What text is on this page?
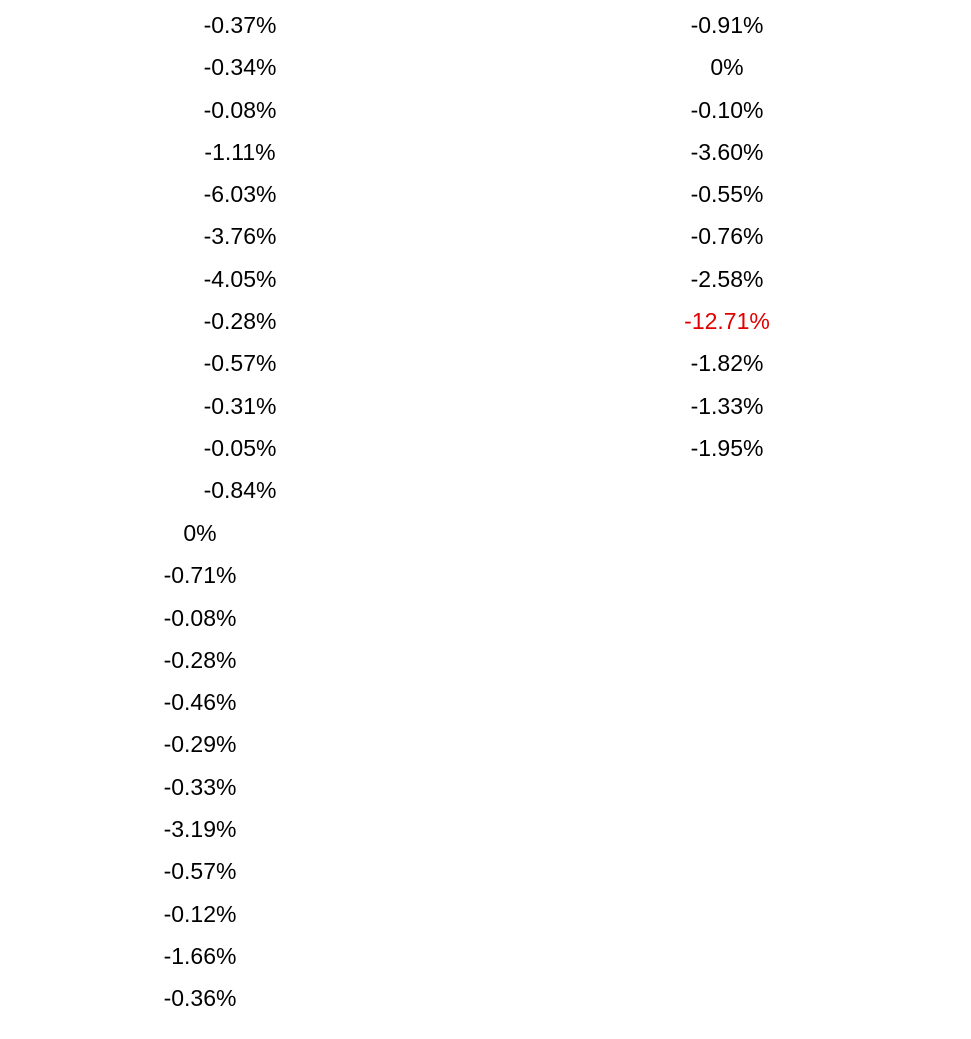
-0.37%
-0.34%
-0.08%
-1.11%
-6.03%
-3.76%
-4.05%
-0.28%
-0.57%
-0.31%
-0.05%
-0.84%
0%
-0.71%
-0.08%
-0.28%
-0.46%
-0.29%
-0.33%
-3.19%
-0.57%
-0.12%
-1.66%
-0.36%
-0.91%
0%
-0.10%
-3.60%
-0.55%
-0.76%
-2.58%
-12.71%
-1.82%
-1.33%
-1.95%
